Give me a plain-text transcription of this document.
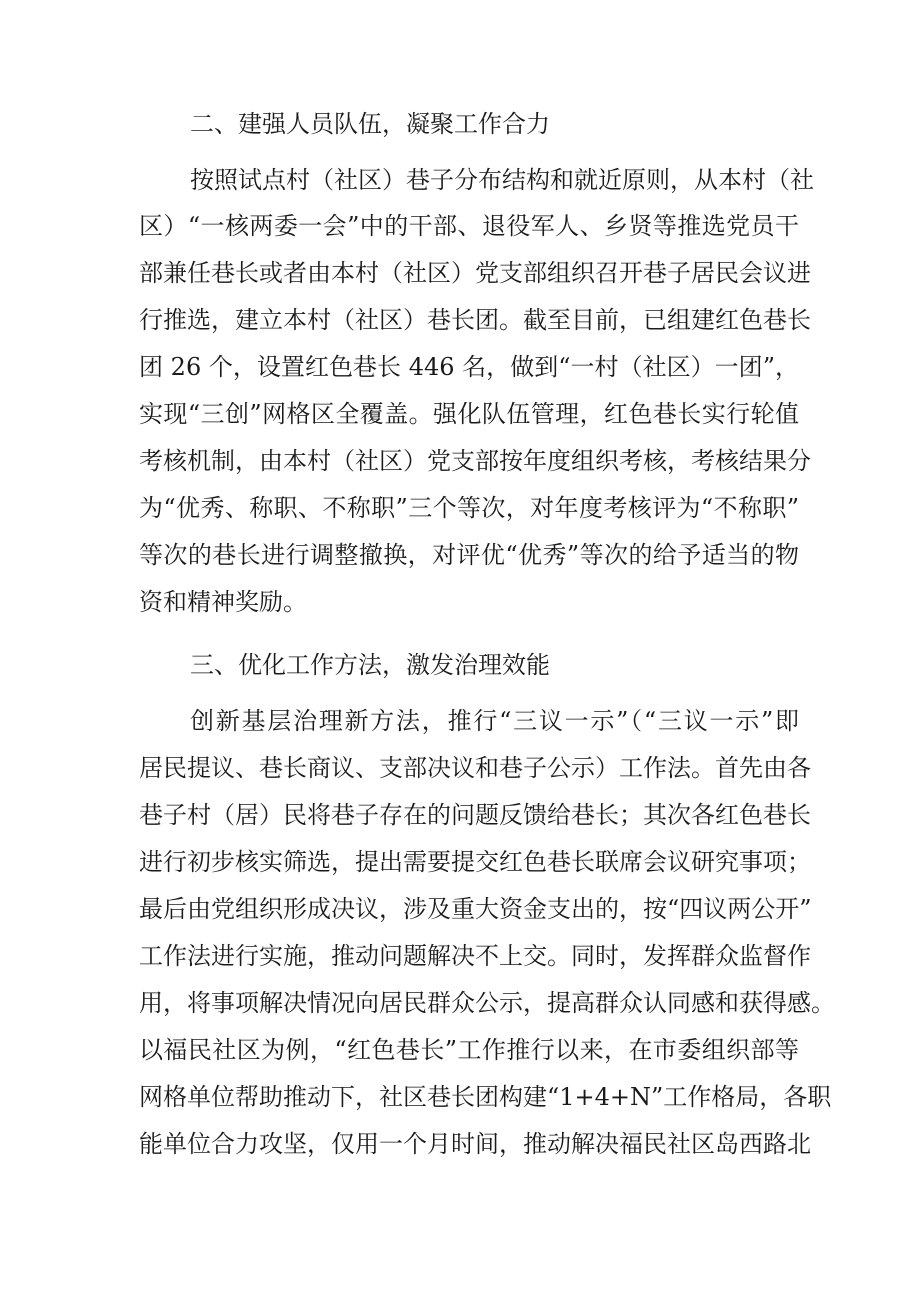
二、建强人员队伍，凝聚工作合力
按照试点村（社区）巷子分布结构和就近原则，从本村（社
区）“一核两委一会”中的干部、退役军人、乡贤等推选党员干
部兼任巷长或者由本村（社区）党支部组织召开巷子居民会议进
行推选，建立本村（社区）巷长团。截至目前，已组建红色巷长
团 26 个，设置红色巷长 446 名，做到“一村（社区）一团”，
实现“三创”网格区全覆盖。强化队伍管理，红色巷长实行轮值
考核机制，由本村（社区）党支部按年度组织考核，考核结果分
为“优秀、称职、不称职”三个等次，对年度考核评为“不称职”
等次的巷长进行调整撤换，对评优“优秀”等次的给予适当的物
资和精神奖励。
三、优化工作方法，激发治理效能
创新基层治理新方法，推行“三议一示”（“三议一示”即
居民提议、巷长商议、支部决议和巷子公示）工作法。首先由各
巷子村（居）民将巷子存在的问题反馈给巷长；其次各红色巷长
进行初步核实筛选，提出需要提交红色巷长联席会议研究事项；
最后由党组织形成决议，涉及重大资金支出的，按“四议两公开”
工作法进行实施，推动问题解决不上交。同时，发挥群众监督作
用，将事项解决情况向居民群众公示，提高群众认同感和获得感。
以福民社区为例，“红色巷长”工作推行以来，在市委组织部等
网格单位帮助推动下，社区巷长团构建“1+4+N”工作格局，各职
能单位合力攻坚，仅用一个月时间，推动解决福民社区岛西路北
